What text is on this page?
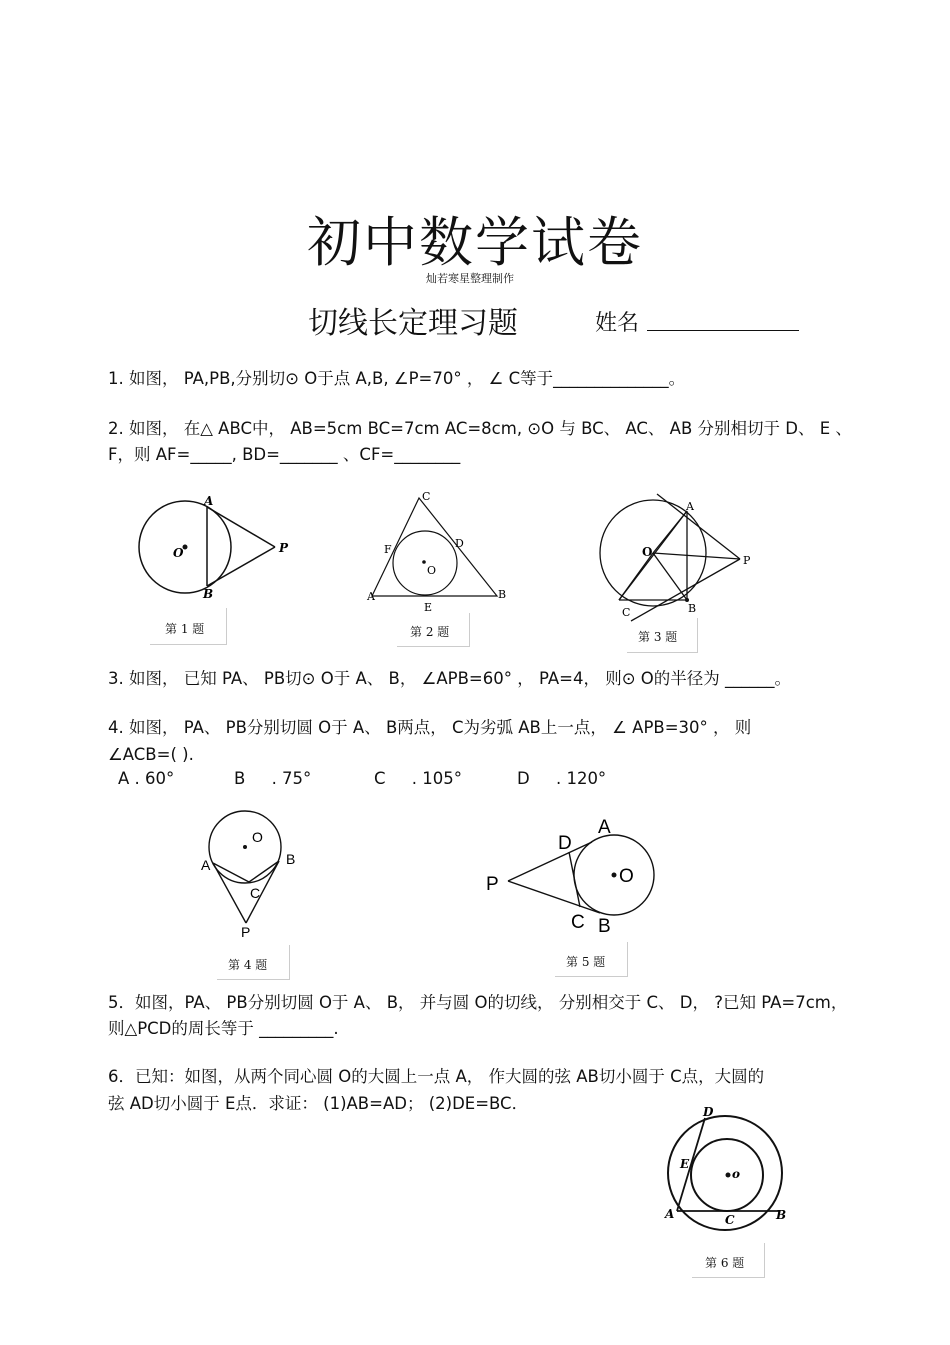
初中数学试卷
灿若寒星整理制作
切线长定理习题	姓名
1. 如图， PA,PB,分别切⊙ O于点 A,B, ∠P=70° ， ∠ C等于______________。
2. 如图， 在△ ABC中， AB=5cm BC=7cm AC=8cm, ⊙O 与 BC、 AC、 AB 分别相切于 D、 E 、
F，则 AF=_____, BD=_______ 、CF=________
A
O	P
B
第 1 题
C
F	D
O
A
E
B
第 2 题
A
O
P
C	B
第 3 题
3. 如图， 已知 PA、 PB切⊙ O于 A、 B， ∠APB=60° ， PA=4， 则⊙ O的半径为 ______。
4. 如图， PA、 PB分别切圆 O于 A、 B两点， C为劣弧 AB上一点， ∠ APB=30° ， 则
∠ACB=( ).
A . 60°	B . 75°	C . 105°	D . 120°
O
A	B
C
P
第 4 题
A
D
O
P
C B
第 5 题
5．如图，PA、 PB分别切圆 O于 A、 B， 并与圆 O的切线， 分别相交于 C、 D， ?已知 PA=7cm，
则△PCD的周长等于 _________.
6．已知：如图，从两个同心圆 O的大圆上一点 A， 作大圆的弦 AB切小圆于 C点，大圆的
弦 AD切小圆于 E点．求证： (1)AB=AD； (2)DE=BC．	D
E
o
A	C	B
第 6 题
